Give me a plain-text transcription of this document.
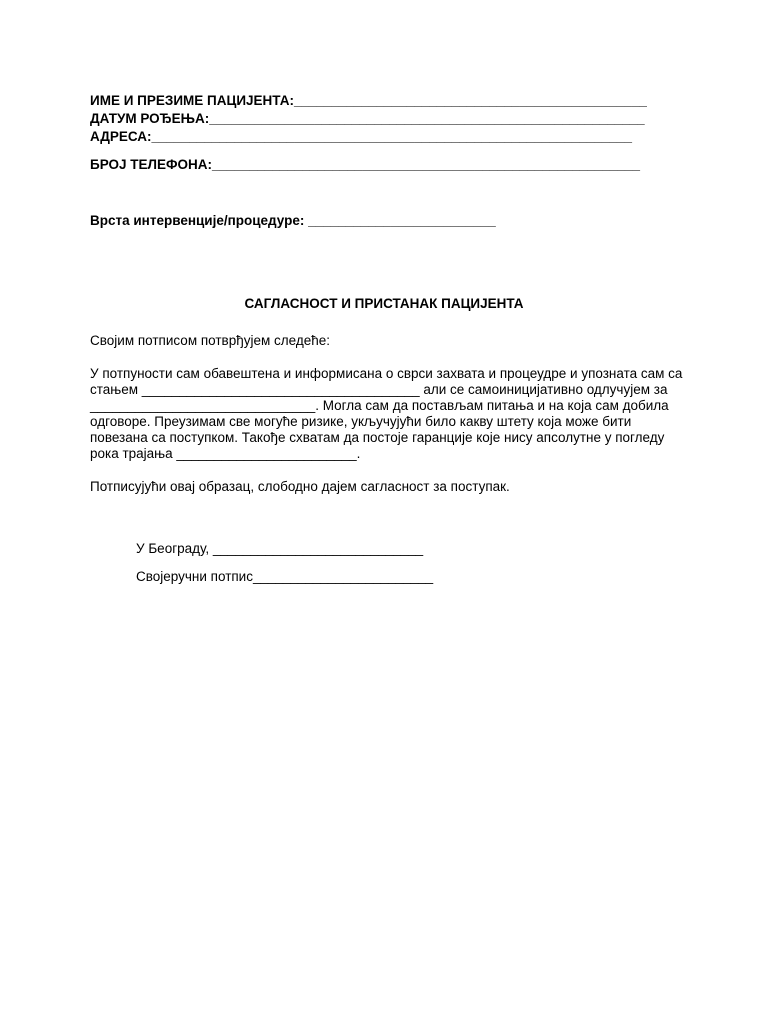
ИМЕ И ПРЕЗИМЕ ПАЦИЈЕНТА:_______________________________________________
ДАТУМ РОЂЕЊА:__________________________________________________________
АДРЕСА:________________________________________________________________
БРОЈ ТЕЛЕФОНА:_________________________________________________________
Врста интервенције/процедуре: _________________________
САГЛАСНОСТ И ПРИСТАНАК ПАЦИЈЕНТА
Својим потписом потврђујем следеће:
У потпуности сам обавештена и информисана о сврси захвата и процеудре и упозната сам са
стањем _____________________________________ али се самоиницијативно одлучујем за
______________________________. Могла сам да постављам питања и на која сам добила
одговоре. Преузимам све могуће ризике, укључујући било какву штету која може бити
повезана са поступком. Такође схватам да постоје гаранције које нису апсолутне у погледу
рока трајања ________________________.
Потписујући овај образац, слободно дајем сагласност за поступак.
У Београду, ____________________________
Својеручни потпис________________________
